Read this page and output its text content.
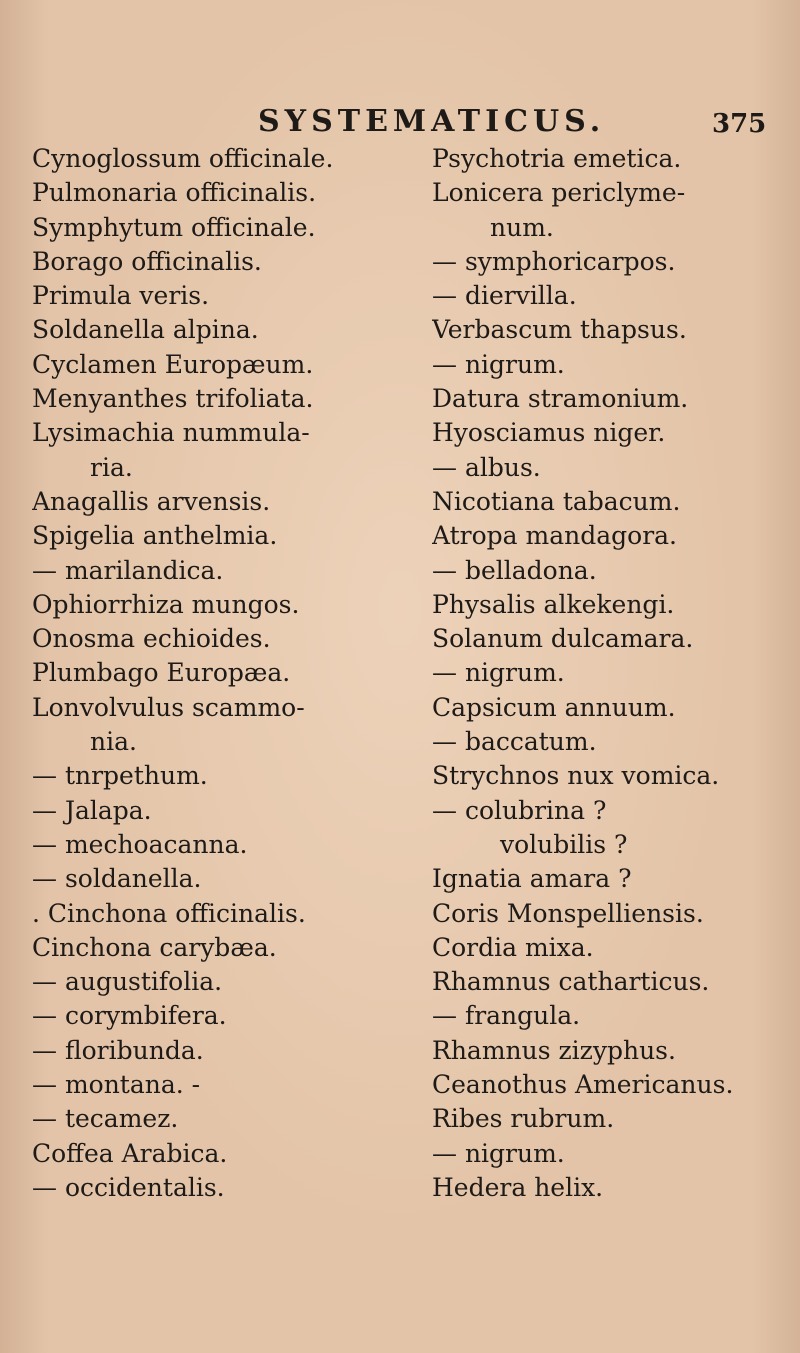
SYSTEMATICUS.	375
Cynoglossum officinale.
Pulmonaria officinalis.
Symphytum officinale.
Borago officinalis.
Primula veris.
Soldanella alpina.
Cyclamen Europæum.
Menyanthes trifoliata.
Lysimachia nummula-
ria.
Anagallis arvensis.
Spigelia anthelmia.
— marilandica.
Ophiorrhiza mungos.
Onosma echioides.
Plumbago Europæa.
Lonvolvulus scammo-
nia.
— tnrpethum.
— Jalapa.
— mechoacanna.
— soldanella.
. Cinchona officinalis.
Cinchona carybæa.
— augustifolia.
— corymbifera.
— floribunda.
— montana. -
— tecamez.
Coffea Arabica.
— occidentalis.
Psychotria emetica.
Lonicera periclyme-
num.
— symphoricarpos.
— diervilla.
Verbascum thapsus.
— nigrum.
Datura stramonium.
Hyosciamus niger.
— albus.
Nicotiana tabacum.
Atropa mandagora.
— belladona.
Physalis alkekengi.
Solanum dulcamara.
— nigrum.
Capsicum annuum.
— baccatum.
Strychnos nux vomica.
— colubrina ?
volubilis ?
Ignatia amara ?
Coris Monspelliensis.
Cordia mixa.
Rhamnus catharticus.
— frangula.
Rhamnus zizyphus.
Ceanothus Americanus.
Ribes rubrum.
— nigrum.
Hedera helix.
